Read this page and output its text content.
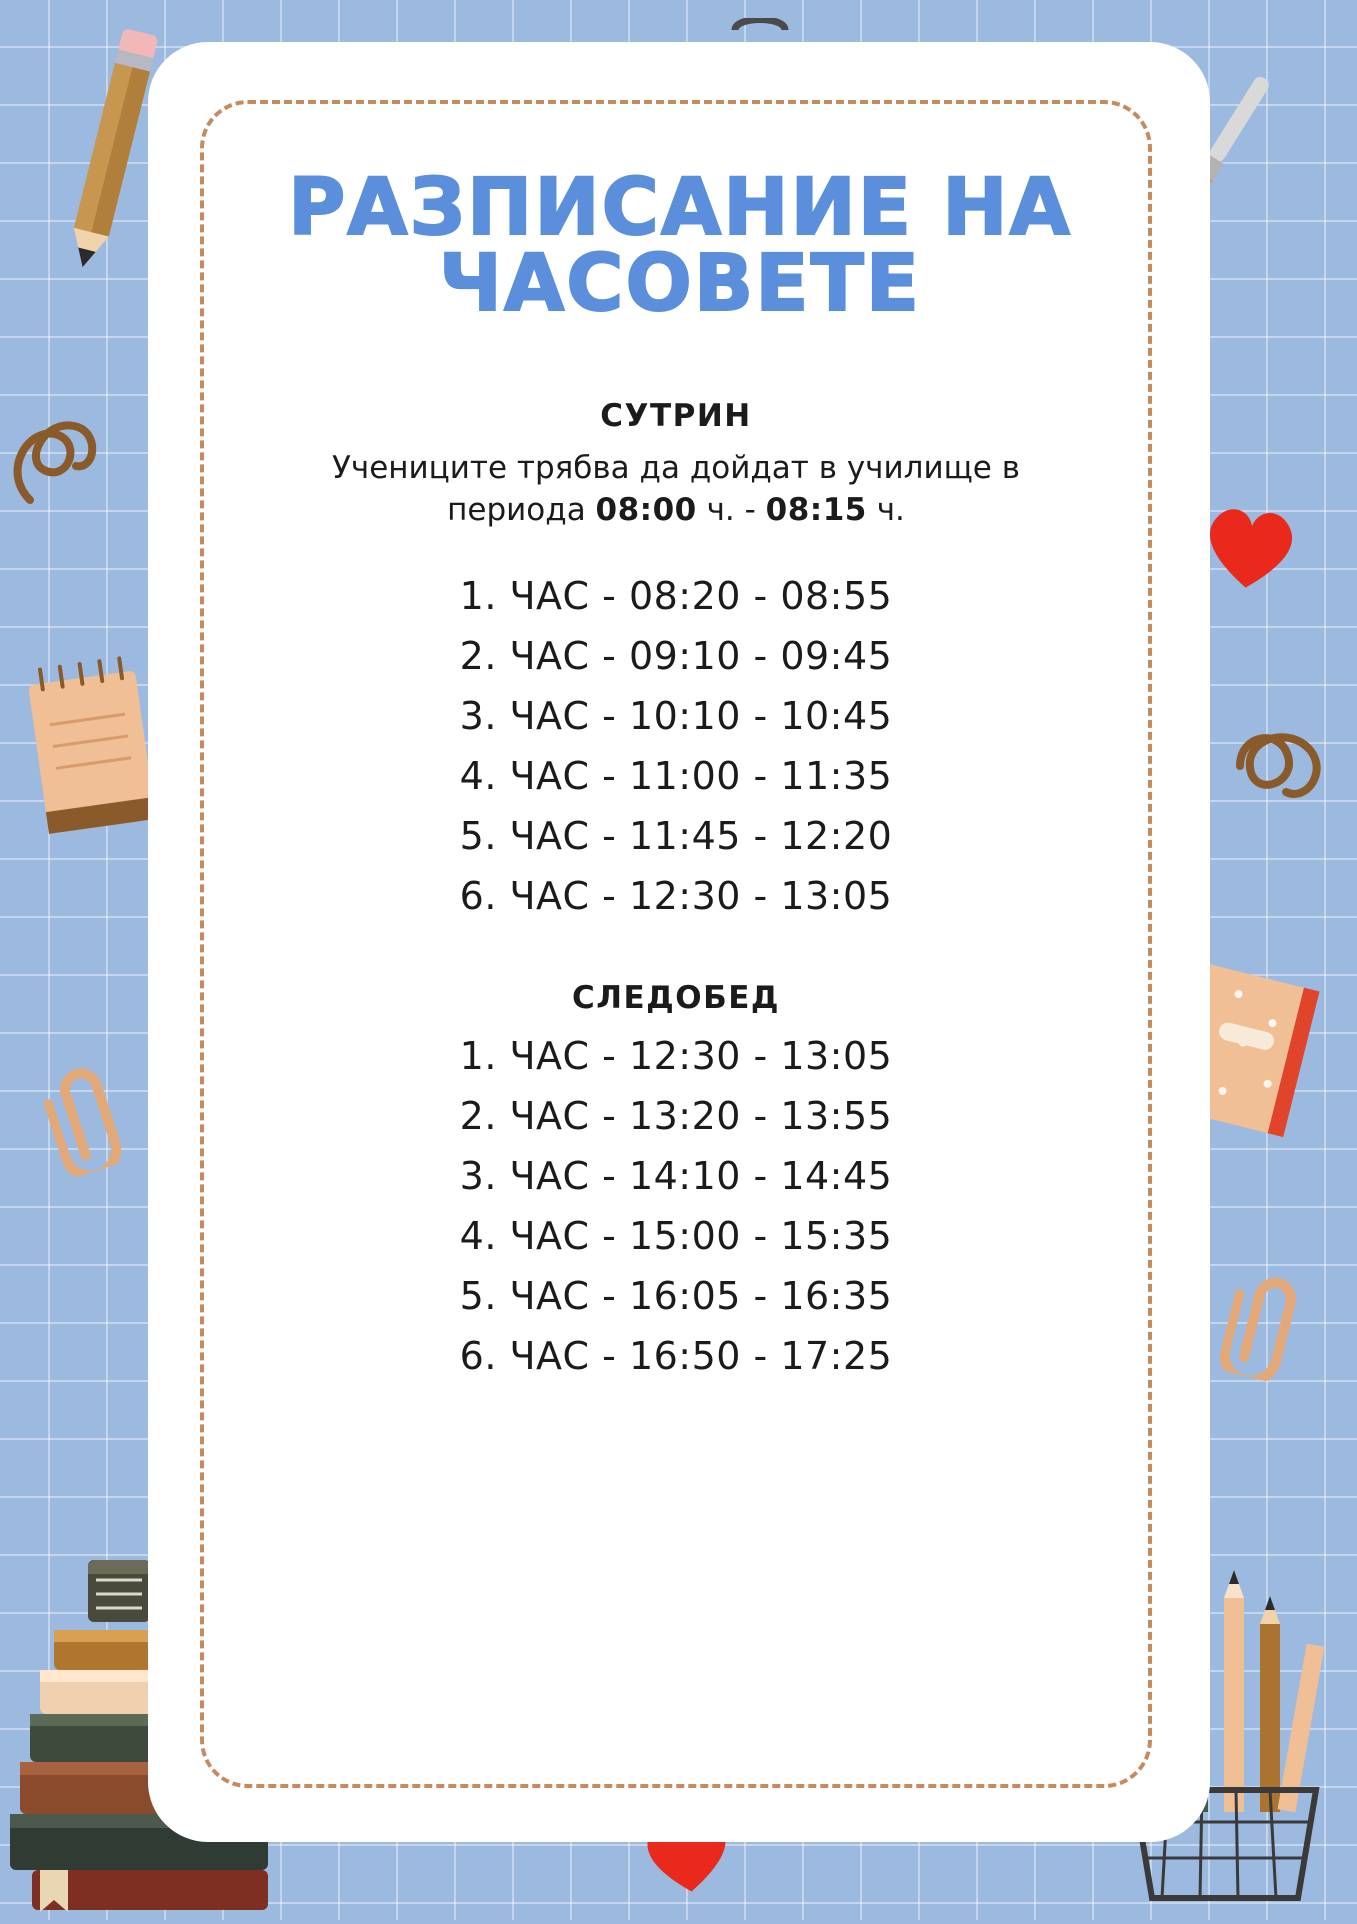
РАЗПИСАНИЕ НА
ЧАСОВЕТЕ
СУТРИН
Учениците трябва да дойдат в училище в периода 08:00 ч. - 08:15 ч.
1. ЧАС - 08:20 - 08:55
2. ЧАС - 09:10 - 09:45
3. ЧАС - 10:10 - 10:45
4. ЧАС - 11:00 - 11:35
5. ЧАС - 11:45 - 12:20
6. ЧАС - 12:30 - 13:05
СЛЕДОБЕД
1. ЧАС - 12:30 - 13:05
2. ЧАС - 13:20 - 13:55
3. ЧАС - 14:10 - 14:45
4. ЧАС - 15:00 - 15:35
5. ЧАС - 16:05 - 16:35
6. ЧАС - 16:50 - 17:25
